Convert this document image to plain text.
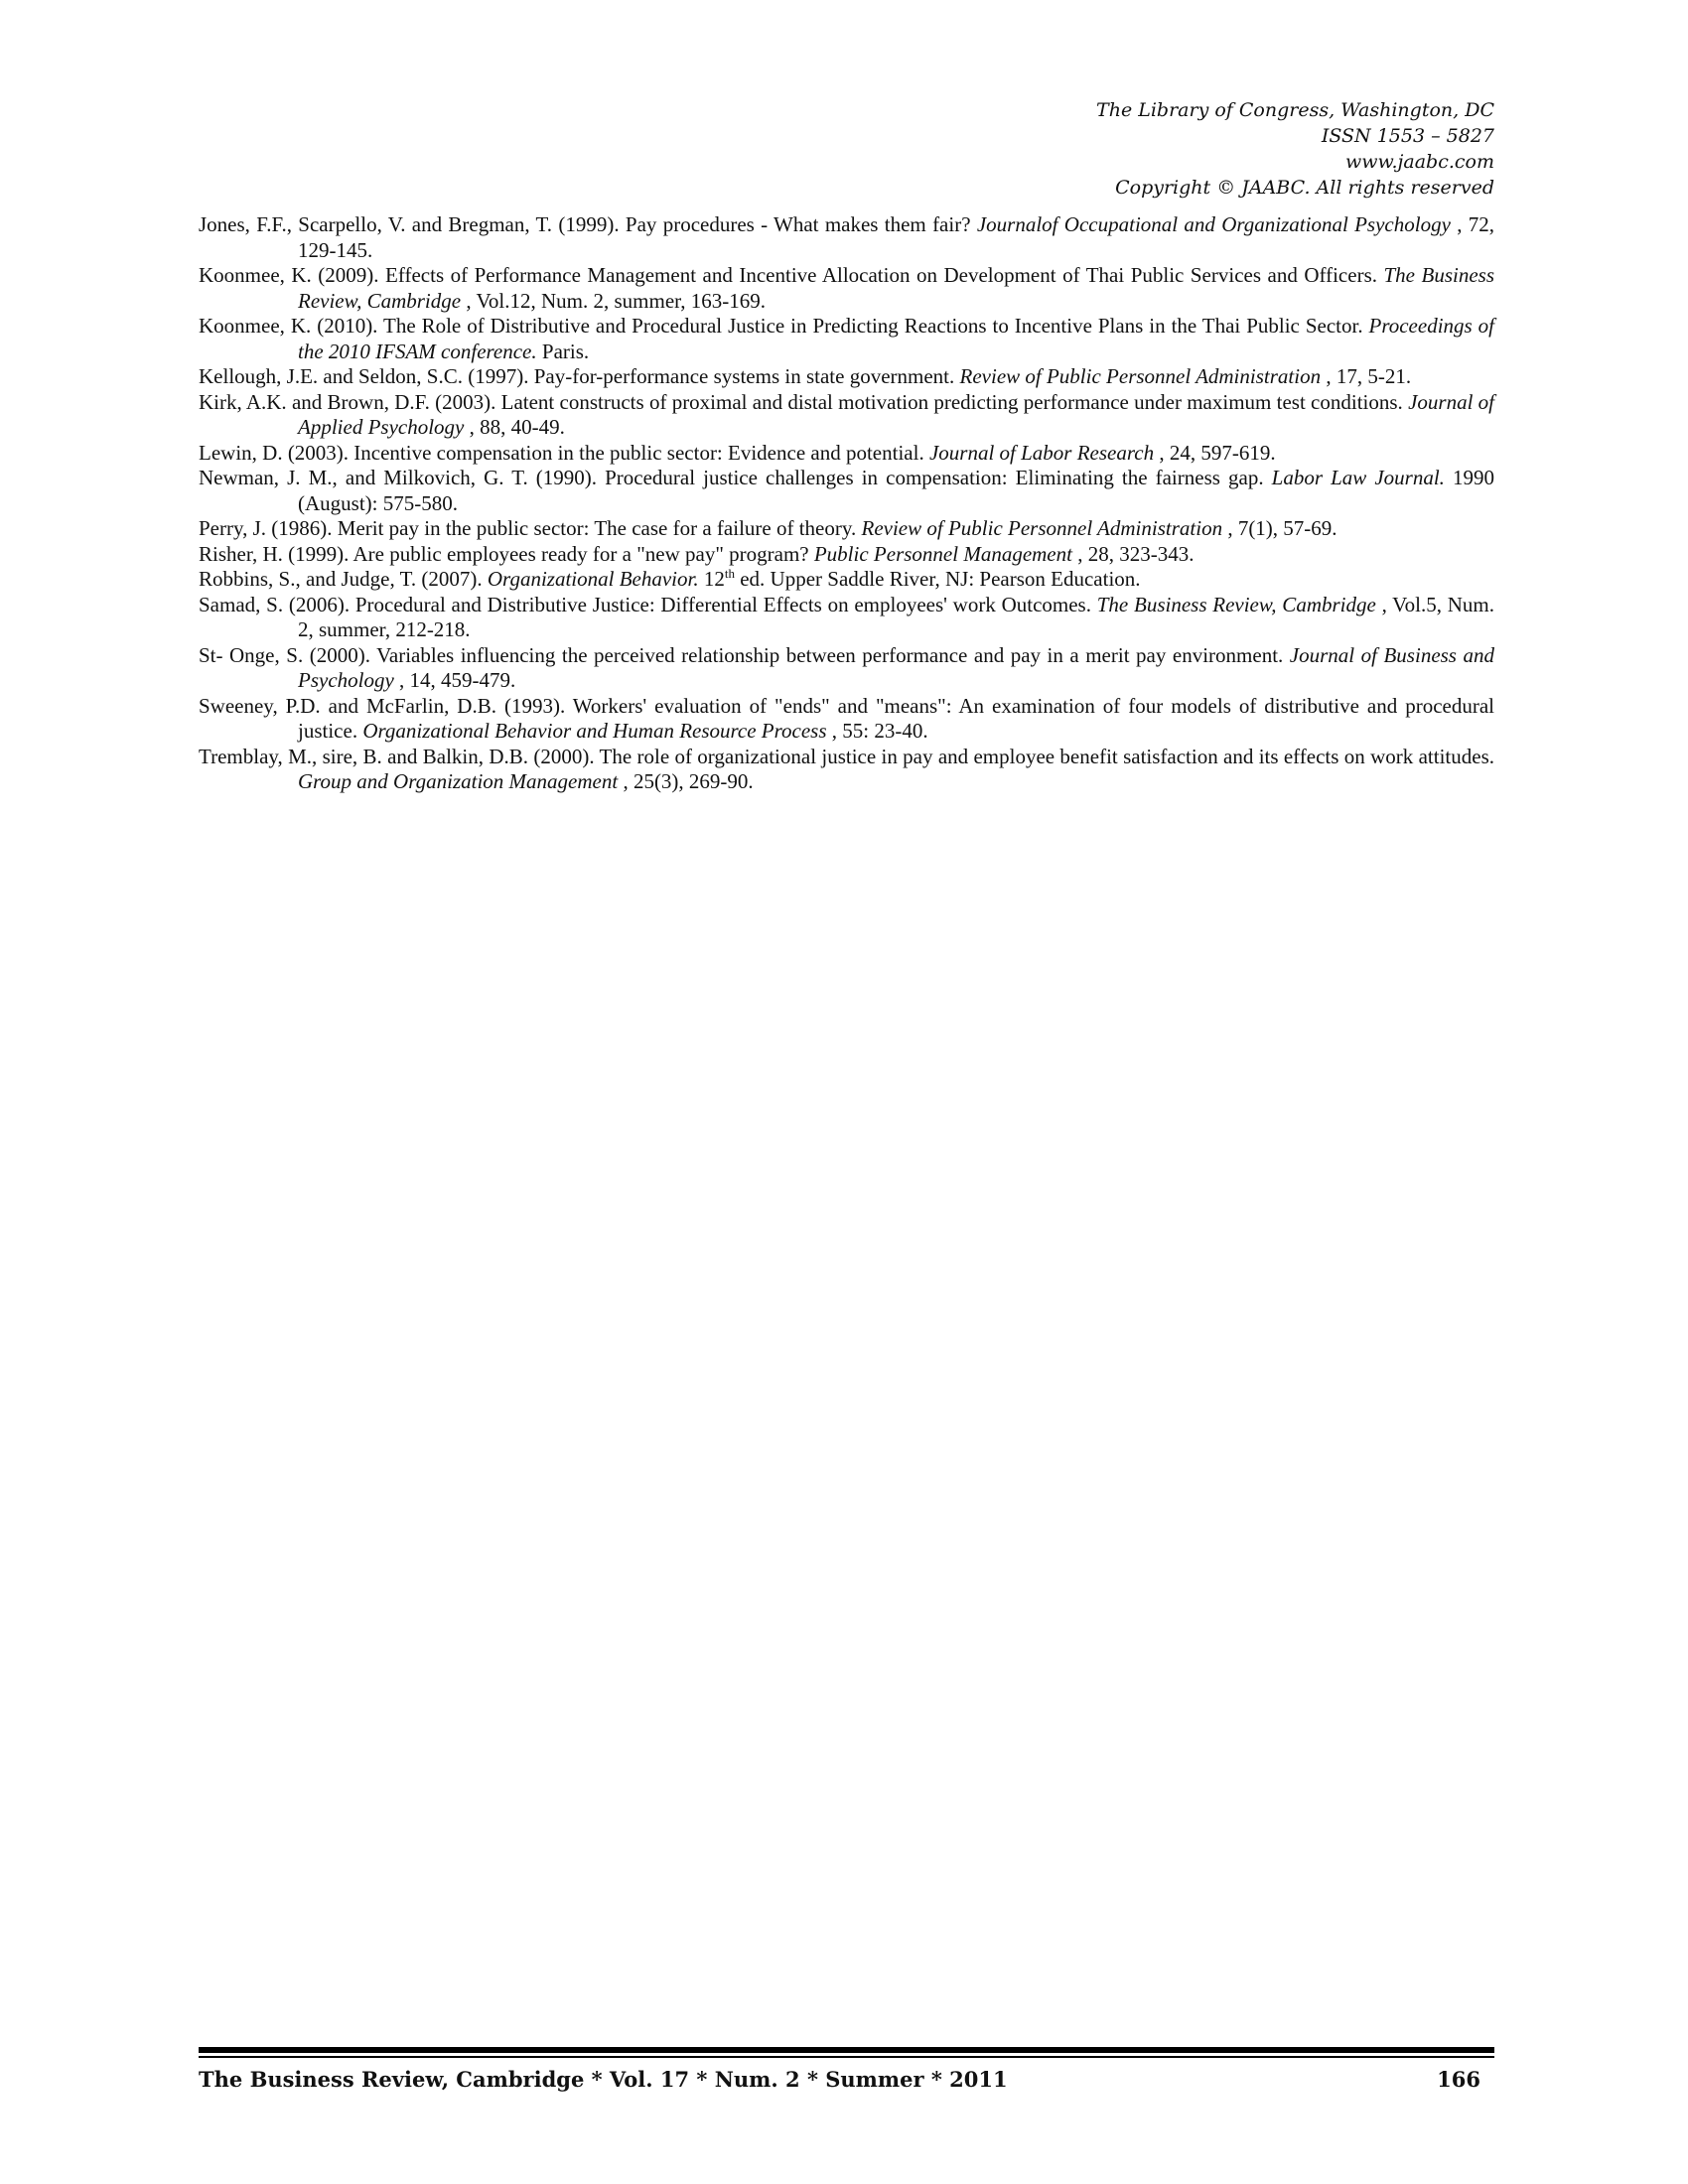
The Library of Congress, Washington, DC
ISSN 1553 – 5827
www.jaabc.com
Copyright © JAABC. All rights reserved

Jones, F.F., Scarpello, V. and Bregman, T. (1999). Pay procedures - What makes them fair? Journalof Occupational and Organizational Psychology , 72, 129-145.

Koonmee, K. (2009). Effects of Performance Management and Incentive Allocation on Development of Thai Public Services and Officers. The Business Review, Cambridge , Vol.12, Num. 2, summer, 163-169.

Koonmee, K. (2010). The Role of Distributive and Procedural Justice in Predicting Reactions to Incentive Plans in the Thai Public Sector. Proceedings of the 2010 IFSAM conference. Paris.

Kellough, J.E. and Seldon, S.C. (1997). Pay-for-performance systems in state government. Review of Public Personnel Administration , 17, 5-21.

Kirk, A.K. and Brown, D.F. (2003). Latent constructs of proximal and distal motivation predicting performance under maximum test conditions. Journal of Applied Psychology , 88, 40-49.

Lewin, D. (2003). Incentive compensation in the public sector: Evidence and potential. Journal of Labor Research , 24, 597-619.

Newman, J. M., and Milkovich, G. T. (1990). Procedural justice challenges in compensation: Eliminating the fairness gap. Labor Law Journal. 1990 (August): 575-580.

Perry, J. (1986). Merit pay in the public sector: The case for a failure of theory. Review of Public Personnel Administration , 7(1), 57-69.

Risher, H. (1999). Are public employees ready for a "new pay" program? Public Personnel Management , 28, 323-343.

Robbins, S., and Judge, T. (2007). Organizational Behavior. 12th ed. Upper Saddle River, NJ: Pearson Education.

Samad, S. (2006). Procedural and Distributive Justice: Differential Effects on employees' work Outcomes. The Business Review, Cambridge , Vol.5, Num. 2, summer, 212-218.

St- Onge, S. (2000). Variables influencing the perceived relationship between performance and pay in a merit pay environment. Journal of Business and Psychology , 14, 459-479.

Sweeney, P.D. and McFarlin, D.B. (1993). Workers' evaluation of "ends" and "means": An examination of four models of distributive and procedural justice. Organizational Behavior and Human Resource Process , 55: 23-40.

Tremblay, M., sire, B. and Balkin, D.B. (2000). The role of organizational justice in pay and employee benefit satisfaction and its effects on work attitudes. Group and Organization Management , 25(3), 269-90.

The Business Review, Cambridge * Vol. 17 * Num. 2 * Summer * 2011	166
